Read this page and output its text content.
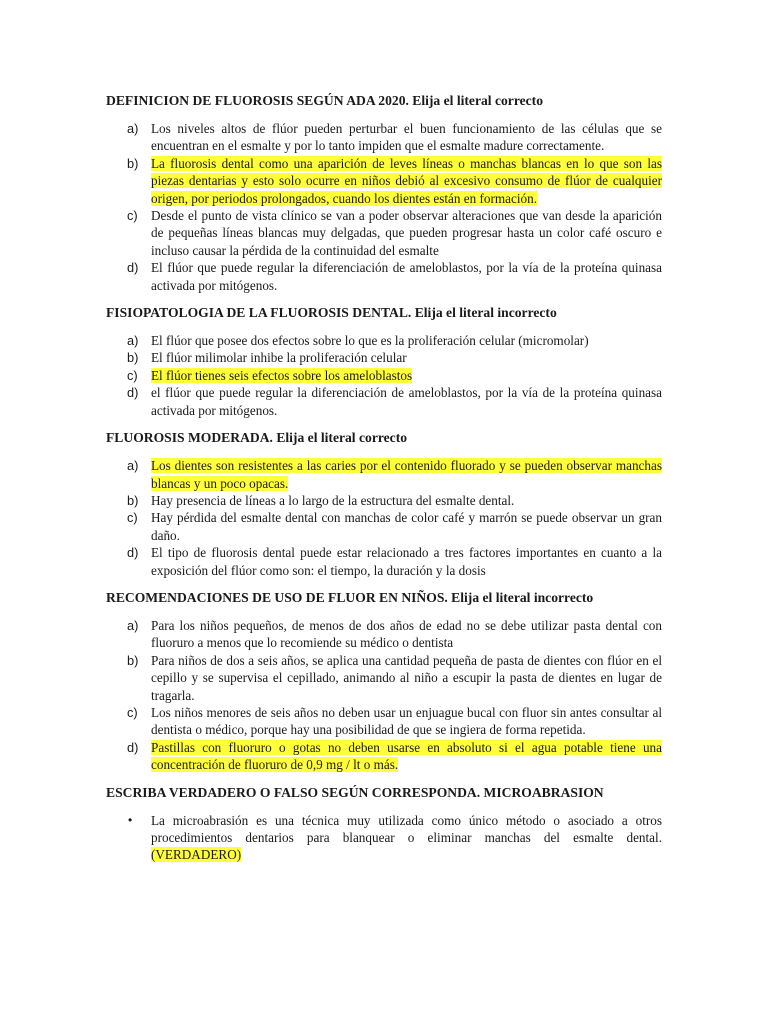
DEFINICION DE FLUOROSIS SEGÚN ADA 2020. Elija el literal correcto
a) Los niveles altos de flúor pueden perturbar el buen funcionamiento de las células que se encuentran en el esmalte y por lo tanto impiden que el esmalte madure correctamente.
b) La fluorosis dental como una aparición de leves líneas o manchas blancas en lo que son las piezas dentarias y esto solo ocurre en niños debió al excesivo consumo de flúor de cualquier origen, por periodos prolongados, cuando los dientes están en formación.
c) Desde el punto de vista clínico se van a poder observar alteraciones que van desde la aparición de pequeñas líneas blancas muy delgadas, que pueden progresar hasta un color café oscuro e incluso causar la pérdida de la continuidad del esmalte
d) El flúor que puede regular la diferenciación de ameloblastos, por la vía de la proteína quinasa activada por mitógenos.
FISIOPATOLOGIA DE LA FLUOROSIS DENTAL. Elija el literal incorrecto
a) El flúor que posee dos efectos sobre lo que es la proliferación celular (micromolar)
b) El flúor milimolar inhibe la proliferación celular
c) El flúor tienes seis efectos sobre los ameloblastos
d) el flúor que puede regular la diferenciación de ameloblastos, por la vía de la proteína quinasa activada por mitógenos.
FLUOROSIS MODERADA. Elija el literal correcto
a) Los dientes son resistentes a las caries por el contenido fluorado y se pueden observar manchas blancas y un poco opacas.
b) Hay presencia de líneas a lo largo de la estructura del esmalte dental.
c) Hay pérdida del esmalte dental con manchas de color café y marrón se puede observar un gran daño.
d) El tipo de fluorosis dental puede estar relacionado a tres factores importantes en cuanto a la exposición del flúor como son: el tiempo, la duración y la dosis
RECOMENDACIONES DE USO DE FLUOR EN NIÑOS. Elija el literal incorrecto
a) Para los niños pequeños, de menos de dos años de edad no se debe utilizar pasta dental con fluoruro a menos que lo recomiende su médico o dentista
b) Para niños de dos a seis años, se aplica una cantidad pequeña de pasta de dientes con flúor en el cepillo y se supervisa el cepillado, animando al niño a escupir la pasta de dientes en lugar de tragarla.
c) Los niños menores de seis años no deben usar un enjuague bucal con fluor sin antes consultar al dentista o médico, porque hay una posibilidad de que se ingiera de forma repetida.
d) Pastillas con fluoruro o gotas no deben usarse en absoluto si el agua potable tiene una concentración de fluoruro de 0,9 mg / lt o más.
ESCRIBA VERDADERO O FALSO SEGÚN CORRESPONDA. MICROABRASION
• La microabrasión es una técnica muy utilizada como único método o asociado a otros procedimientos dentarios para blanquear o eliminar manchas del esmalte dental. (VERDADERO)
